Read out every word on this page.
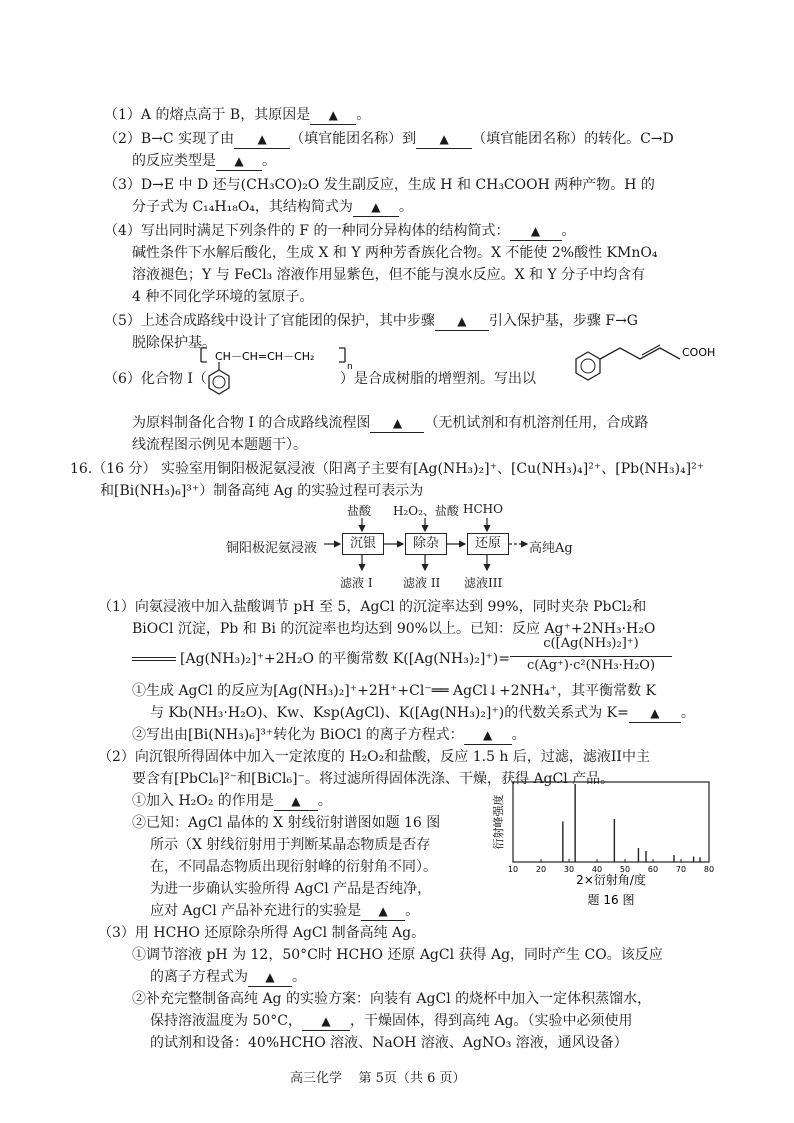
（1）A 的熔点高于 B，其原因是 ▲ 。
（2）B→C 实现了由 ▲ （填官能团名称）到 ▲ （填官能团名称）的转化。C→D
的反应类型是 ▲ 。
（3）D→E 中 D 还与(CH₃CO)₂O 发生副反应，生成 H 和 CH₃COOH 两种产物。H 的
分子式为 C₁₄H₁₈O₄，其结构简式为 ▲ 。
（4）写出同时满足下列条件的 F 的一种同分异构体的结构简式： ▲ 。
碱性条件下水解后酸化，生成 X 和 Y 两种芳香族化合物。X 不能使 2%酸性 KMnO₄
溶液褪色；Y 与 FeCl₃ 溶液作用显紫色，但不能与溴水反应。X 和 Y 分子中均含有
4 种不同化学环境的氢原子。
（5）上述合成路线中设计了官能团的保护，其中步骤 ▲ 引入保护基，步骤 F→G
脱除保护基。
CH－CH=CH－CH₂
n
（6）化合物 I（	）是合成树脂的增塑剂。写出以
COOH
为原料制备化合物 I 的合成路线流程图 ▲ （无机试剂和有机溶剂任用，合成路
线流程图示例见本题题干）。
16.（16 分） 实验室用铜阳极泥氨浸液（阳离子主要有[Ag(NH₃)₂]⁺、[Cu(NH₃)₄]²⁺、[Pb(NH₃)₄]²⁺
和[Bi(NH₃)₆]³⁺）制备高纯 Ag 的实验过程可表示为
盐酸 H₂O₂、盐酸 HCHO
铜阳极泥氨浸液	沉银	除杂	还原	高纯Ag
滤液 I	滤液 II 滤液III
（1）向氨浸液中加入盐酸调节 pH 至 5，AgCl 的沉淀率达到 99%，同时夹杂 PbCl₂和
BiOCl 沉淀，Pb 和 Bi 的沉淀率也均达到 90%以上。已知：反应 Ag⁺+2NH₃·H₂O
[Ag(NH₃)₂]⁺+2H₂O 的平衡常数 K([Ag(NH₃)₂]⁺)=
c([Ag(NH₃)₂]⁺)
c(Ag⁺)·c²(NH₃·H₂O)
①生成 AgCl 的反应为[Ag(NH₃)₂]⁺+2H⁺+Cl⁻══ AgCl↓+2NH₄⁺，其平衡常数 K
与 Kb(NH₃·H₂O)、Kw、Ksp(AgCl)、K([Ag(NH₃)₂]⁺)的代数关系式为 K= ▲ 。
②写出由[Bi(NH₃)₆]³⁺转化为 BiOCl 的离子方程式： ▲ 。
（2）向沉银所得固体中加入一定浓度的 H₂O₂和盐酸，反应 1.5 h 后，过滤，滤液II中主
要含有[PbCl₆]²⁻和[BiCl₆]⁻。将过滤所得固体洗涤、干燥，获得 AgCl 产品。
①加入 H₂O₂ 的作用是 ▲ 。
②已知：AgCl 晶体的 X 射线衍射谱图如题 16 图
所示（X 射线衍射用于判断某晶态物质是否存
在，不同晶态物质出现衍射峰的衍射角不同）。
为进一步确认实验所得 AgCl 产品是否纯净，
应对 AgCl 产品补充进行的实验是 ▲ 。
10 20 30 40 50 60 70 80
衍射峰强度
2×衍射角/度
题 16 图
（3）用 HCHO 还原除杂所得 AgCl 制备高纯 Ag。
①调节溶液 pH 为 12，50°C时 HCHO 还原 AgCl 获得 Ag，同时产生 CO。该反应
的离子方程式为 ▲ 。
②补充完整制备高纯 Ag 的实验方案：向装有 AgCl 的烧杯中加入一定体积蒸馏水，
保持溶液温度为 50°C， ▲ ，干燥固体，得到高纯 Ag。（实验中必须使用
的试剂和设备：40%HCHO 溶液、NaOH 溶液、AgNO₃ 溶液，通风设备）
高三化学    第 5页（共 6 页）
